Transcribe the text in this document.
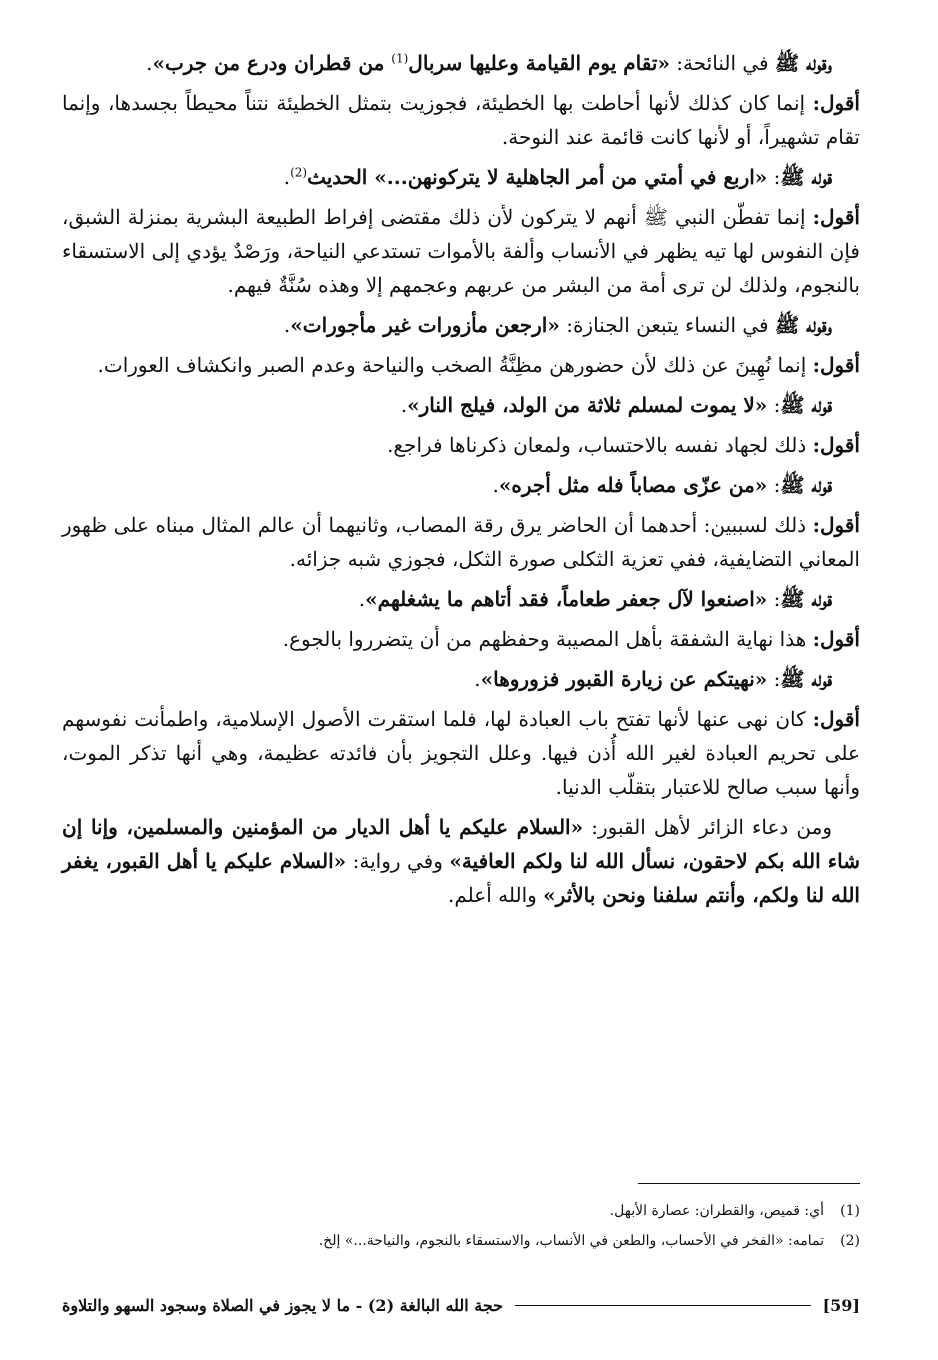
وقوله ﷺ في النائحة: «تقام يوم القيامة وعليها سربال$^{(1)}$ من قطران ودرع من جرب».

أقول: إنما كان كذلك لأنها أحاطت بها الخطيئة، فجوزيت بتمثل الخطيئة نتناً محيطاً بجسدها، وإنما تقام تشهيراً، أو لأنها كانت قائمة عند النوحة.

قوله ﷺ: «اربع في أمتي من أمر الجاهلية لا يتركونهن...» الحديث$^{(2)}$.

أقول: إنما تفطّن النبي ﷺ أنهم لا يتركون لأن ذلك مقتضى إفراط الطبيعة البشرية بمنزلة الشبق، فإن النفوس لها تيه يظهر في الأنساب وألفة بالأموات تستدعي النياحة، ورَصْدٌ يؤدي إلى الاستسقاء بالنجوم، ولذلك لن ترى أمة من البشر من عربهم وعجمهم إلا وهذه سُنَّةٌ فيهم.

وقوله ﷺ في النساء يتبعن الجنازة: «ارجعن مأزورات غير مأجورات».

أقول: إنما نُهِينَ عن ذلك لأن حضورهن مظِنَّةُ الصخب والنياحة وعدم الصبر وانكشاف العورات.

قوله ﷺ: «لا يموت لمسلم ثلاثة من الولد، فيلج النار».

أقول: ذلك لجهاد نفسه بالاحتساب، ولمعان ذكرناها فراجع.

قوله ﷺ: «من عزّى مصاباً فله مثل أجره».

أقول: ذلك لسببين: أحدهما أن الحاضر يرق رقة المصاب، وثانيهما أن عالم المثال مبناه على ظهور المعاني التضايفية، ففي تعزية الثكلى صورة الثكل، فجوزي شبه جزائه.

قوله ﷺ: «اصنعوا لآل جعفر طعاماً، فقد أتاهم ما يشغلهم».

أقول: هذا نهاية الشفقة بأهل المصيبة وحفظهم من أن يتضرروا بالجوع.

قوله ﷺ: «نهيتكم عن زيارة القبور فزوروها».

أقول: كان نهى عنها لأنها تفتح باب العبادة لها، فلما استقرت الأصول الإسلامية، واطمأنت نفوسهم على تحريم العبادة لغير الله أُذن فيها. وعلل التجويز بأن فائدته عظيمة، وهي أنها تذكر الموت، وأنها سبب صالح للاعتبار بتقلّب الدنيا.

ومن دعاء الزائر لأهل القبور: «السلام عليكم يا أهل الديار من المؤمنين والمسلمين، وإنا إن شاء الله بكم لاحقون، نسأل الله لنا ولكم العافية» وفي رواية: «السلام عليكم يا أهل القبور، يغفر الله لنا ولكم، وأنتم سلفنا ونحن بالأثر» والله أعلم.

(1)
أي: قميص، والقطران: عصارة الأبهل.
(2)
تمامه: «الفخر في الأحساب، والطعن في الأنساب، والاستسقاء بالنجوم، والنياحة...» إلخ.
[59]
حجة الله البالغة (2) - ما لا يجوز في الصلاة وسجود السهو والتلاوة
